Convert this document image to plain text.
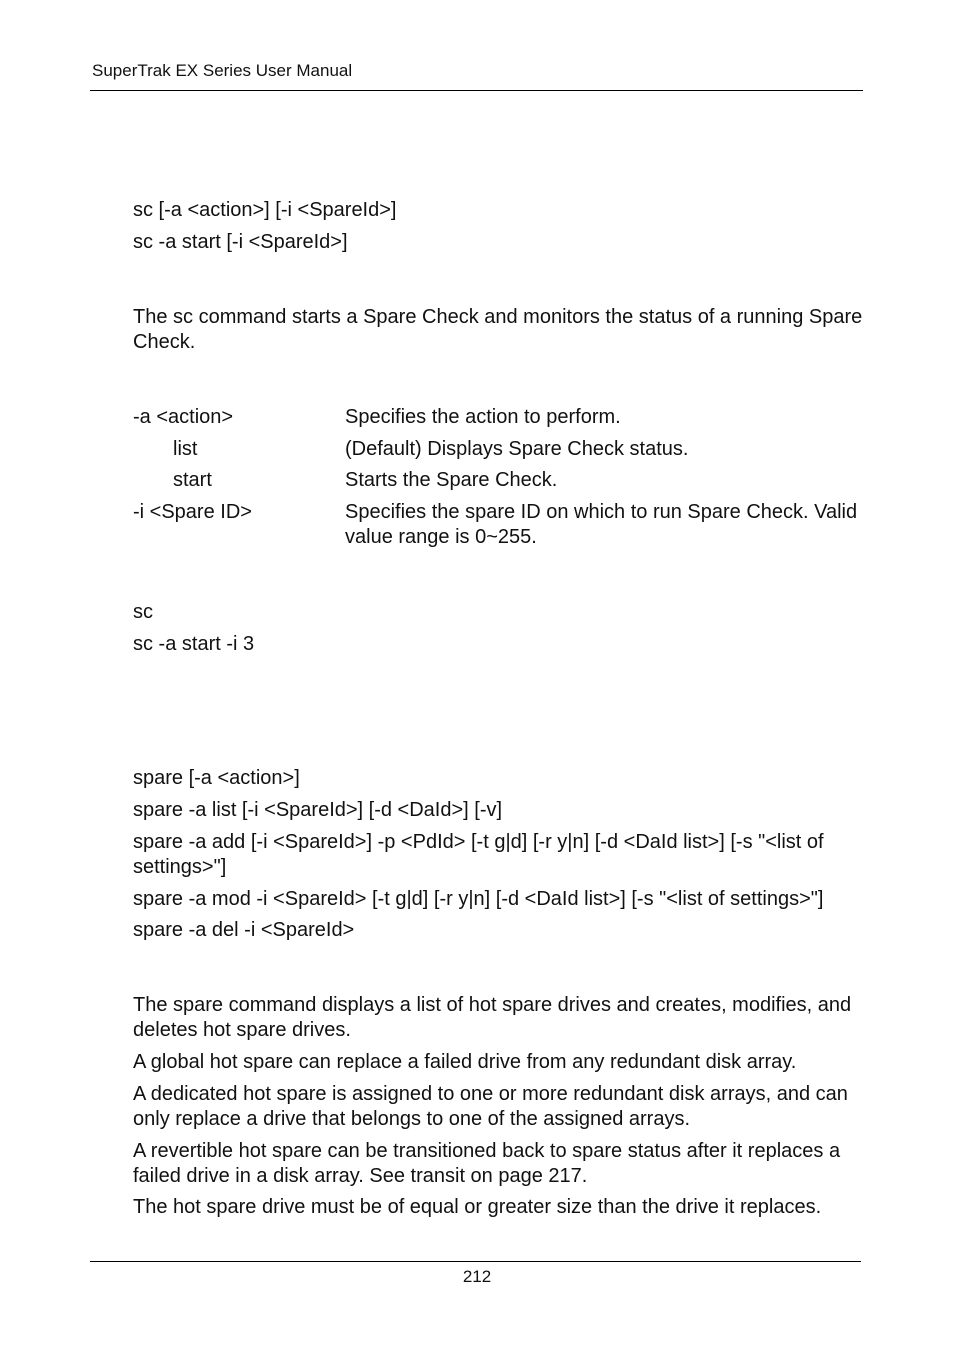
SuperTrak EX Series User Manual
sc [-a <action>] [-i <SpareId>]
sc -a start [-i <SpareId>]
The sc command starts a Spare Check and monitors the status of a running Spare Check.
-a <action>	Specifies the action to perform.
list	(Default) Displays Spare Check status.
start	Starts the Spare Check.
-i <Spare ID>	Specifies the spare ID on which to run Spare Check. Valid value range is 0~255.
sc
sc -a start -i 3
spare [-a <action>]
spare -a list [-i <SpareId>] [-d <DaId>] [-v]
spare -a add [-i <SpareId>] -p <PdId> [-t g|d] [-r y|n] [-d <DaId list>] [-s "<list of settings>"]
spare -a mod -i <SpareId> [-t g|d] [-r y|n] [-d <DaId list>] [-s "<list of settings>"]
spare -a del -i <SpareId>
The spare command displays a list of hot spare drives and creates, modifies, and deletes hot spare drives.
A global hot spare can replace a failed drive from any redundant disk array.
A dedicated hot spare is assigned to one or more redundant disk arrays, and can only replace a drive that belongs to one of the assigned arrays.
A revertible hot spare can be transitioned back to spare status after it replaces a failed drive in a disk array. See transit on page 217.
The hot spare drive must be of equal or greater size than the drive it replaces.
212
